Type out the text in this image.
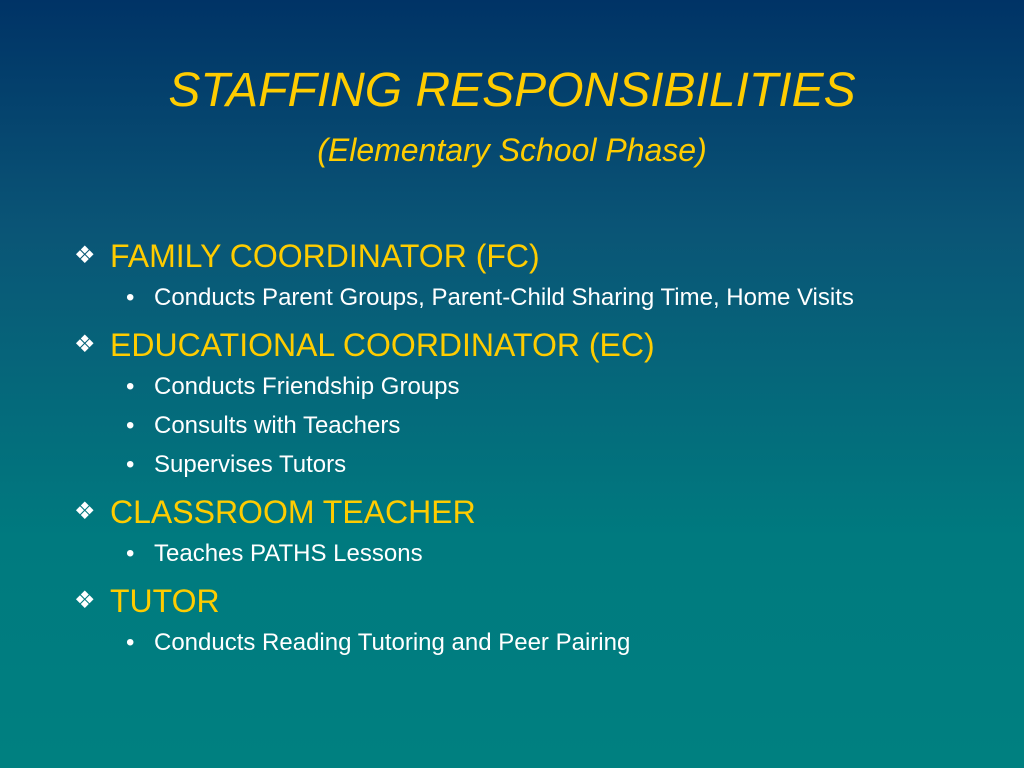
STAFFING RESPONSIBILITIES
(Elementary School Phase)
❖ FAMILY COORDINATOR (FC)
• Conducts Parent Groups, Parent-Child Sharing Time, Home Visits
❖ EDUCATIONAL COORDINATOR (EC)
• Conducts Friendship Groups
• Consults with Teachers
• Supervises Tutors
❖ CLASSROOM TEACHER
• Teaches PATHS Lessons
❖ TUTOR
• Conducts Reading Tutoring and Peer Pairing
